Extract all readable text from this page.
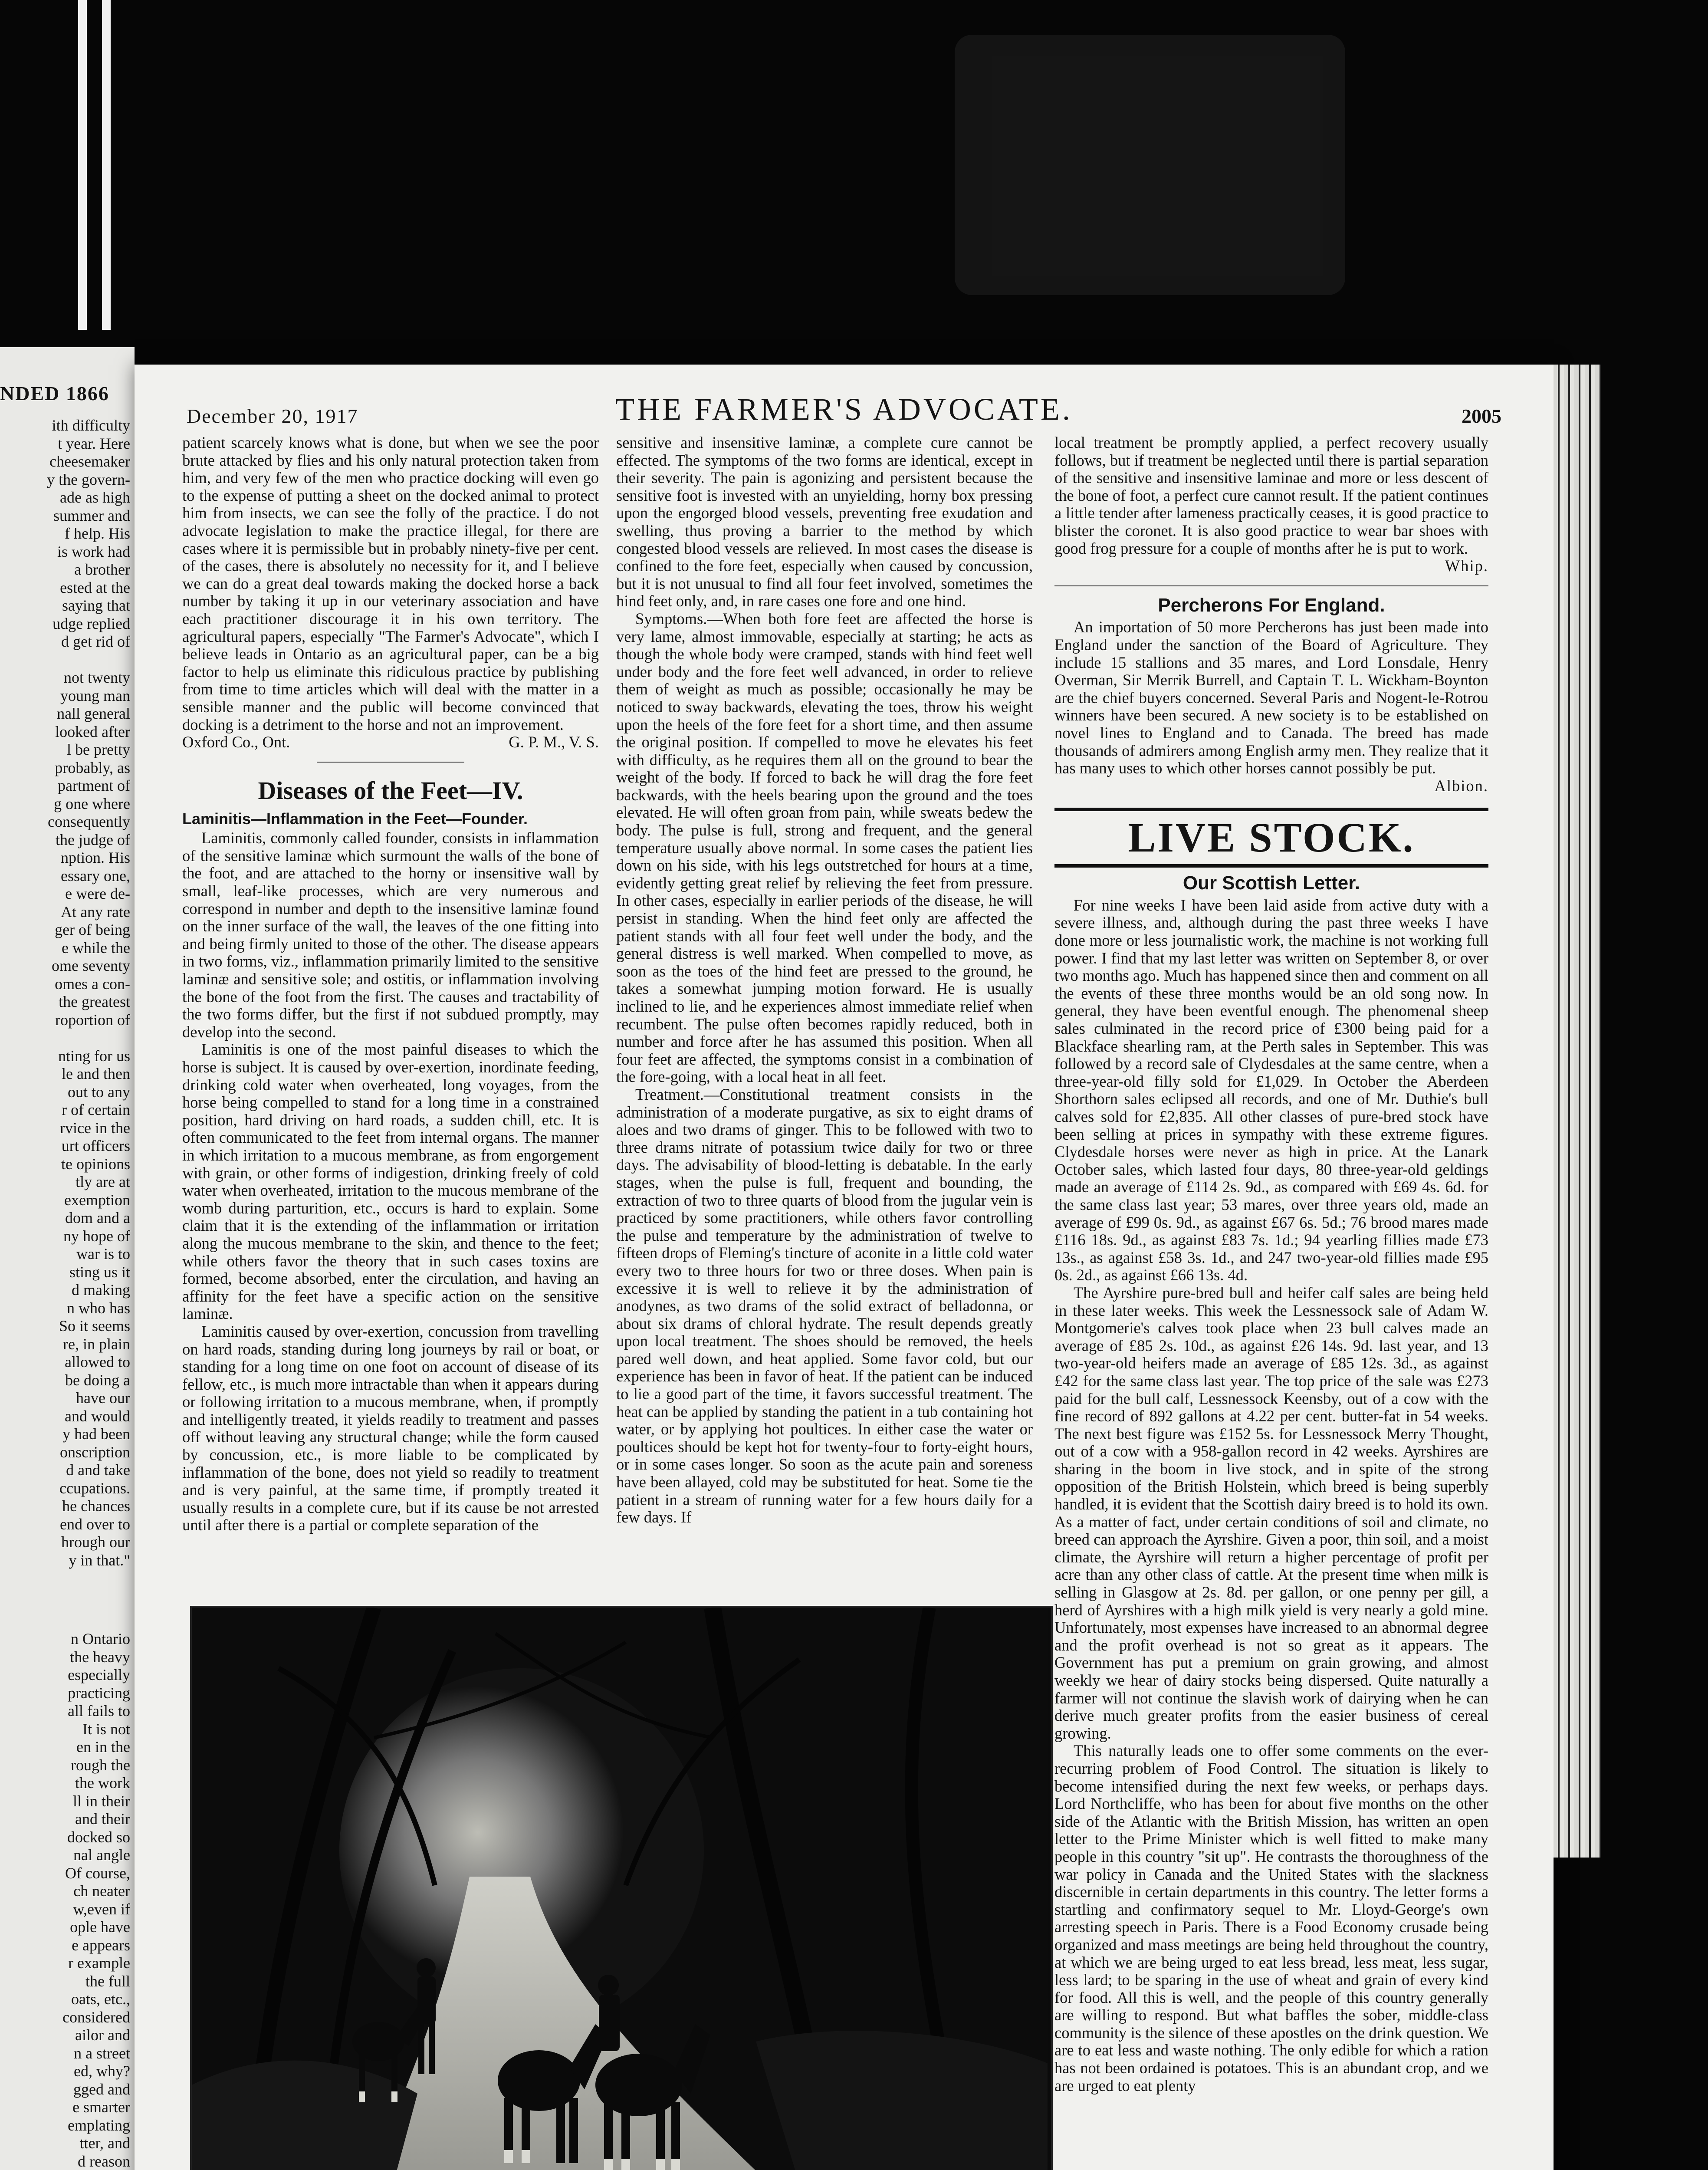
NDED 1866
ith difficulty
t year. Here
cheesemaker
y the govern-
ade as high
summer and
f help. His
is work had
a brother
ested at the
saying that
udge replied
d get rid of

not twenty
young man
nall general
looked after
l be pretty
probably, as
partment of
g one where
consequently
the judge of
nption. His
essary one,
e were de-
At any rate
ger of being
e while the
ome seventy
omes a con-
the greatest
roportion of

nting for us
le and then
out to any
r of certain
rvice in the
urt officers
te opinions
tly are at
exemption
dom and a
ny hope of
war is to
sting us it
d making
n who has
So it seems
re, in plain
allowed to
be doing a
have our
and would
y had been
onscription
d and take
ccupations.
he chances
end over to
hrough our
y in that."
n Ontario
the heavy
especially
practicing
all fails to
It is not
en in the
rough the
the work
ll in their
and their
docked so
nal angle
Of course,
ch neater
w,even if
ople have
e appears
r example
the full
oats, etc.,
considered
ailor and
n a street
ed, why?
gged and
e smarter
emplating
tter, and
d reason
December 20, 1917	THE FARMER'S ADVOCATE.	2005

patient scarcely knows what is done, but when we see the poor brute attacked by flies and his only natural protection taken from him, and very few of the men who practice docking will even go to the expense of putting a sheet on the docked animal to protect him from insects, we can see the folly of the practice. I do not advocate legislation to make the practice illegal, for there are cases where it is permissible but in probably ninety-five per cent. of the cases, there is absolutely no necessity for it, and I believe we can do a great deal towards making the docked horse a back number by taking it up in our veterinary association and have each practitioner discourage it in his own territory. The agricultural papers, especially "The Farmer's Advocate", which I believe leads in Ontario as an agricultural paper, can be a big factor to help us eliminate this ridiculous practice by publishing from time to time articles which will deal with the matter in a sensible manner and the public will become convinced that docking is a detriment to the horse and not an improvement.

Oxford Co., Ont.	G. P. M., V. S.

Diseases of the Feet—IV.

Laminitis—Inflammation in the Feet—Founder.

Laminitis, commonly called founder, consists in inflammation of the sensitive laminæ which surmount the walls of the bone of the foot, and are attached to the horny or insensitive wall by small, leaf-like processes, which are very numerous and correspond in number and depth to the insensitive laminæ found on the inner surface of the wall, the leaves of the one fitting into and being firmly united to those of the other. The disease appears in two forms, viz., inflammation primarily limited to the sensitive laminæ and sensitive sole; and ostitis, or inflammation involving the bone of the foot from the first. The causes and tractability of the two forms differ, but the first if not subdued promptly, may develop into the second.

Laminitis is one of the most painful diseases to which the horse is subject. It is caused by over-exertion, inordinate feeding, drinking cold water when overheated, long voyages, from the horse being compelled to stand for a long time in a constrained position, hard driving on hard roads, a sudden chill, etc. It is often communicated to the feet from internal organs. The manner in which irritation to a mucous membrane, as from engorgement with grain, or other forms of indigestion, drinking freely of cold water when overheated, irritation to the mucous membrane of the womb during parturition, etc., occurs is hard to explain. Some claim that it is the extending of the inflammation or irritation along the mucous membrane to the skin, and thence to the feet; while others favor the theory that in such cases toxins are formed, become absorbed, enter the circulation, and having an affinity for the feet have a specific action on the sensitive laminæ.

Laminitis caused by over-exertion, concussion from travelling on hard roads, standing during long journeys by rail or boat, or standing for a long time on one foot on account of disease of its fellow, etc., is much more intractable than when it appears during or following irritation to a mucous membrane, when, if promptly and intelligently treated, it yields readily to treatment and passes off without leaving any structural change; while the form caused by concussion, etc., is more liable to be complicated by inflammation of the bone, does not yield so readily to treatment and is very painful, at the same time, if promptly treated it usually results in a complete cure, but if its cause be not arrested until after there is a partial or complete separation of the

sensitive and insensitive laminæ, a complete cure cannot be effected. The symptoms of the two forms are identical, except in their severity. The pain is agonizing and persistent because the sensitive foot is invested with an unyielding, horny box pressing upon the engorged blood vessels, preventing free exudation and swelling, thus proving a barrier to the method by which congested blood vessels are relieved. In most cases the disease is confined to the fore feet, especially when caused by concussion, but it is not unusual to find all four feet involved, sometimes the hind feet only, and, in rare cases one fore and one hind.

Symptoms.—When both fore feet are affected the horse is very lame, almost immovable, especially at starting; he acts as though the whole body were cramped, stands with hind feet well under body and the fore feet well advanced, in order to relieve them of weight as much as possible; occasionally he may be noticed to sway backwards, elevating the toes, throw his weight upon the heels of the fore feet for a short time, and then assume the original position. If compelled to move he elevates his feet with difficulty, as he requires them all on the ground to bear the weight of the body. If forced to back he will drag the fore feet backwards, with the heels bearing upon the ground and the toes elevated. He will often groan from pain, while sweats bedew the body. The pulse is full, strong and frequent, and the general temperature usually above normal. In some cases the patient lies down on his side, with his legs outstretched for hours at a time, evidently getting great relief by relieving the feet from pressure. In other cases, especially in earlier periods of the disease, he will persist in standing. When the hind feet only are affected the patient stands with all four feet well under the body, and the general distress is well marked. When compelled to move, as soon as the toes of the hind feet are pressed to the ground, he takes a somewhat jumping motion forward. He is usually inclined to lie, and he experiences almost immediate relief when recumbent. The pulse often becomes rapidly reduced, both in number and force after he has assumed this position. When all four feet are affected, the symptoms consist in a combination of the fore-going, with a local heat in all feet.

Treatment.—Constitutional treatment consists in the administration of a moderate purgative, as six to eight drams of aloes and two drams of ginger. This to be followed with two to three drams nitrate of potassium twice daily for two or three days. The advisability of blood-letting is debatable. In the early stages, when the pulse is full, frequent and bounding, the extraction of two to three quarts of blood from the jugular vein is practiced by some practitioners, while others favor controlling the pulse and temperature by the administration of twelve to fifteen drops of Fleming's tincture of aconite in a little cold water every two to three hours for two or three doses. When pain is excessive it is well to relieve it by the administration of anodynes, as two drams of the solid extract of belladonna, or about six drams of chloral hydrate. The result depends greatly upon local treatment. The shoes should be removed, the heels pared well down, and heat applied. Some favor cold, but our experience has been in favor of heat. If the patient can be induced to lie a good part of the time, it favors successful treatment. The heat can be applied by standing the patient in a tub containing hot water, or by applying hot poultices. In either case the water or poultices should be kept hot for twenty-four to forty-eight hours, or in some cases longer. So soon as the acute pain and soreness have been allayed, cold may be substituted for heat. Some tie the patient in a stream of running water for a few hours daily for a few days. If

local treatment be promptly applied, a perfect recovery usually follows, but if treatment be neglected until there is partial separation of the sensitive and insensitive laminae and more or less descent of the bone of foot, a perfect cure cannot result. If the patient continues a little tender after lameness practically ceases, it is good practice to blister the coronet. It is also good practice to wear bar shoes with good frog pressure for a couple of months after he is put to work.

Whip.

Percherons For England.

An importation of 50 more Percherons has just been made into England under the sanction of the Board of Agriculture. They include 15 stallions and 35 mares, and Lord Lonsdale, Henry Overman, Sir Merrik Burrell, and Captain T. L. Wickham-Boynton are the chief buyers concerned. Several Paris and Nogent-le-Rotrou winners have been secured. A new society is to be established on novel lines to England and to Canada. The breed has made thousands of admirers among English army men. They realize that it has many uses to which other horses cannot possibly be put.

Albion.

LIVE STOCK.
Our Scottish Letter.

For nine weeks I have been laid aside from active duty with a severe illness, and, although during the past three weeks I have done more or less journalistic work, the machine is not working full power. I find that my last letter was written on September 8, or over two months ago. Much has happened since then and comment on all the events of these three months would be an old song now. In general, they have been eventful enough. The phenomenal sheep sales culminated in the record price of £300 being paid for a Blackface shearling ram, at the Perth sales in September. This was followed by a record sale of Clydesdales at the same centre, when a three-year-old filly sold for £1,029. In October the Aberdeen Shorthorn sales eclipsed all records, and one of Mr. Duthie's bull calves sold for £2,835. All other classes of pure-bred stock have been selling at prices in sympathy with these extreme figures. Clydesdale horses were never as high in price. At the Lanark October sales, which lasted four days, 80 three-year-old geldings made an average of £114 2s. 9d., as compared with £69 4s. 6d. for the same class last year; 53 mares, over three years old, made an average of £99 0s. 9d., as against £67 6s. 5d.; 76 brood mares made £116 18s. 9d., as against £83 7s. 1d.; 94 yearling fillies made £73 13s., as against £58 3s. 1d., and 247 two-year-old fillies made £95 0s. 2d., as against £66 13s. 4d.

The Ayrshire pure-bred bull and heifer calf sales are being held in these later weeks. This week the Lessnessock sale of Adam W. Montgomerie's calves took place when 23 bull calves made an average of £85 2s. 10d., as against £26 14s. 9d. last year, and 13 two-year-old heifers made an average of £85 12s. 3d., as against £42 for the same class last year. The top price of the sale was £273 paid for the bull calf, Lessnessock Keensby, out of a cow with the fine record of 892 gallons at 4.22 per cent. butter-fat in 54 weeks. The next best figure was £152 5s. for Lessnessock Merry Thought, out of a cow with a 958-gallon record in 42 weeks. Ayrshires are sharing in the boom in live stock, and in spite of the strong opposition of the British Holstein, which breed is being superbly handled, it is evident that the Scottish dairy breed is to hold its own. As a matter of fact, under certain conditions of soil and climate, no breed can approach the Ayrshire. Given a poor, thin soil, and a moist climate, the Ayrshire will return a higher percentage of profit per acre than any other class of cattle. At the present time when milk is selling in Glasgow at 2s. 8d. per gallon, or one penny per gill, a herd of Ayrshires with a high milk yield is very nearly a gold mine. Unfortunately, most expenses have increased to an abnormal degree and the profit overhead is not so great as it appears. The Government has put a premium on grain growing, and almost weekly we hear of dairy stocks being dispersed. Quite naturally a farmer will not continue the slavish work of dairying when he can derive much greater profits from the easier business of cereal growing.

This naturally leads one to offer some comments on the ever-recurring problem of Food Control. The situation is likely to become intensified during the next few weeks, or perhaps days. Lord Northcliffe, who has been for about five months on the other side of the Atlantic with the British Mission, has written an open letter to the Prime Minister which is well fitted to make many people in this country "sit up". He contrasts the thoroughness of the war policy in Canada and the United States with the slackness discernible in certain departments in this country. The letter forms a startling and confirmatory sequel to Mr. Lloyd-George's own arresting speech in Paris. There is a Food Economy crusade being organized and mass meetings are being held throughout the country, at which we are being urged to eat less bread, less meat, less sugar, less lard; to be sparing in the use of wheat and grain of every kind for food. All this is well, and the people of this country generally are willing to respond. But what baffles the sober, middle-class community is the silence of these apostles on the drink question. We are to eat less and waste nothing. The only edible for which a ration has not been ordained is potatoes. This is an abundant crop, and we are urged to eat plenty
